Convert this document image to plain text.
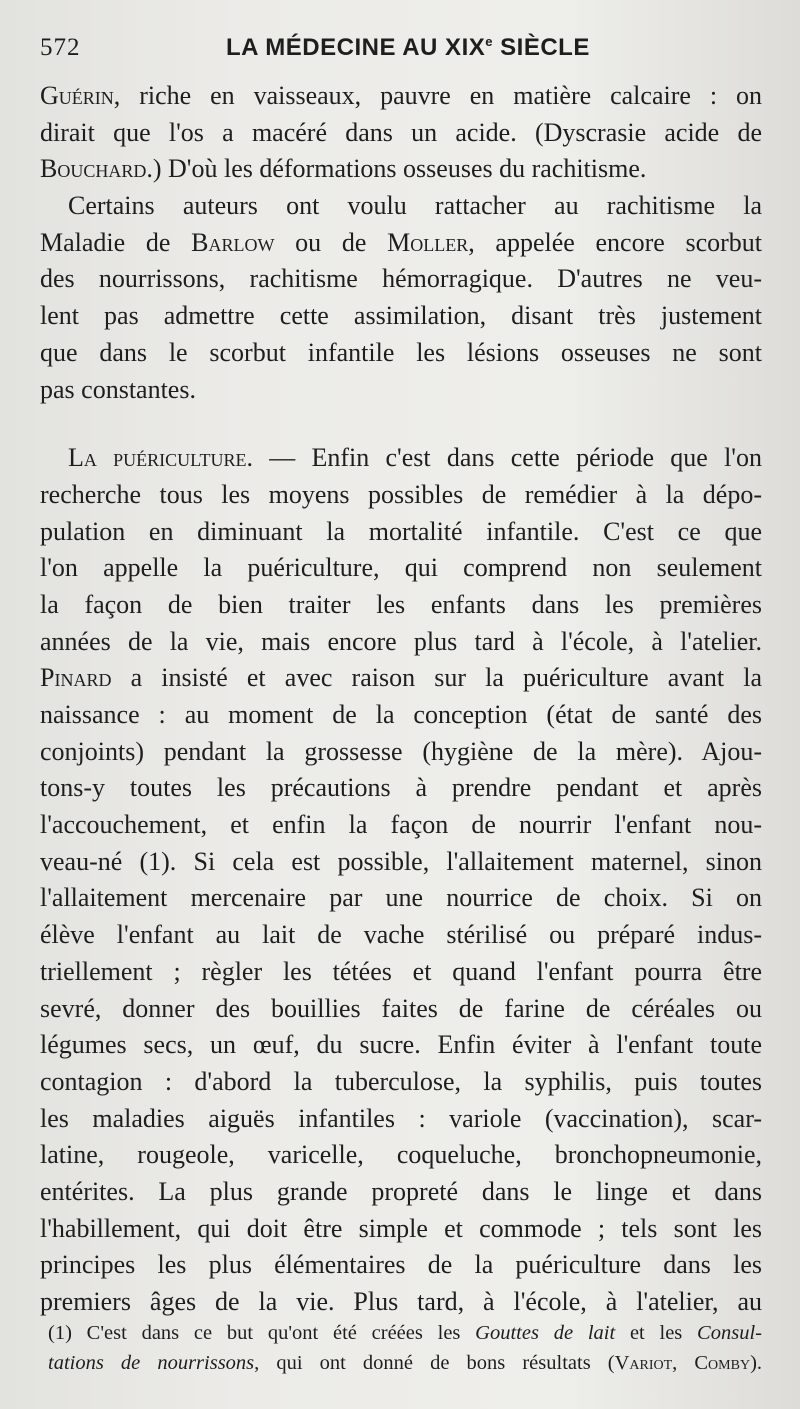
572	LA MÉDECINE AU XIXe SIÈCLE
Guérin, riche en vaisseaux, pauvre en matière calcaire : on
dirait que l'os a macéré dans un acide. (Dyscrasie acide de
Bouchard.) D'où les déformations osseuses du rachitisme.
Certains auteurs ont voulu rattacher au rachitisme la
Maladie de Barlow ou de Moller, appelée encore scorbut
des nourrissons, rachitisme hémorragique. D'autres ne veu-
lent pas admettre cette assimilation, disant très justement
que dans le scorbut infantile les lésions osseuses ne sont
pas constantes.
La puériculture. — Enfin c'est dans cette période que l'on
recherche tous les moyens possibles de remédier à la dépo-
pulation en diminuant la mortalité infantile. C'est ce que
l'on appelle la puériculture, qui comprend non seulement
la façon de bien traiter les enfants dans les premières
années de la vie, mais encore plus tard à l'école, à l'atelier.
Pinard a insisté et avec raison sur la puériculture avant la
naissance : au moment de la conception (état de santé des
conjoints) pendant la grossesse (hygiène de la mère). Ajou-
tons-y toutes les précautions à prendre pendant et après
l'accouchement, et enfin la façon de nourrir l'enfant nou-
veau-né (1). Si cela est possible, l'allaitement maternel, sinon
l'allaitement mercenaire par une nourrice de choix. Si on
élève l'enfant au lait de vache stérilisé ou préparé indus-
triellement ; règler les tétées et quand l'enfant pourra être
sevré, donner des bouillies faites de farine de céréales ou
légumes secs, un œuf, du sucre. Enfin éviter à l'enfant toute
contagion : d'abord la tuberculose, la syphilis, puis toutes
les maladies aiguës infantiles : variole (vaccination), scar-
latine, rougeole, varicelle, coqueluche, bronchopneumonie,
entérites. La plus grande propreté dans le linge et dans
l'habillement, qui doit être simple et commode ; tels sont les
principes les plus élémentaires de la puériculture dans les
premiers âges de la vie. Plus tard, à l'école, à l'atelier, au
(1) C'est dans ce but qu'ont été créées les Gouttes de lait et les Consul-
tations de nourrissons, qui ont donné de bons résultats (Variot, Comby).
